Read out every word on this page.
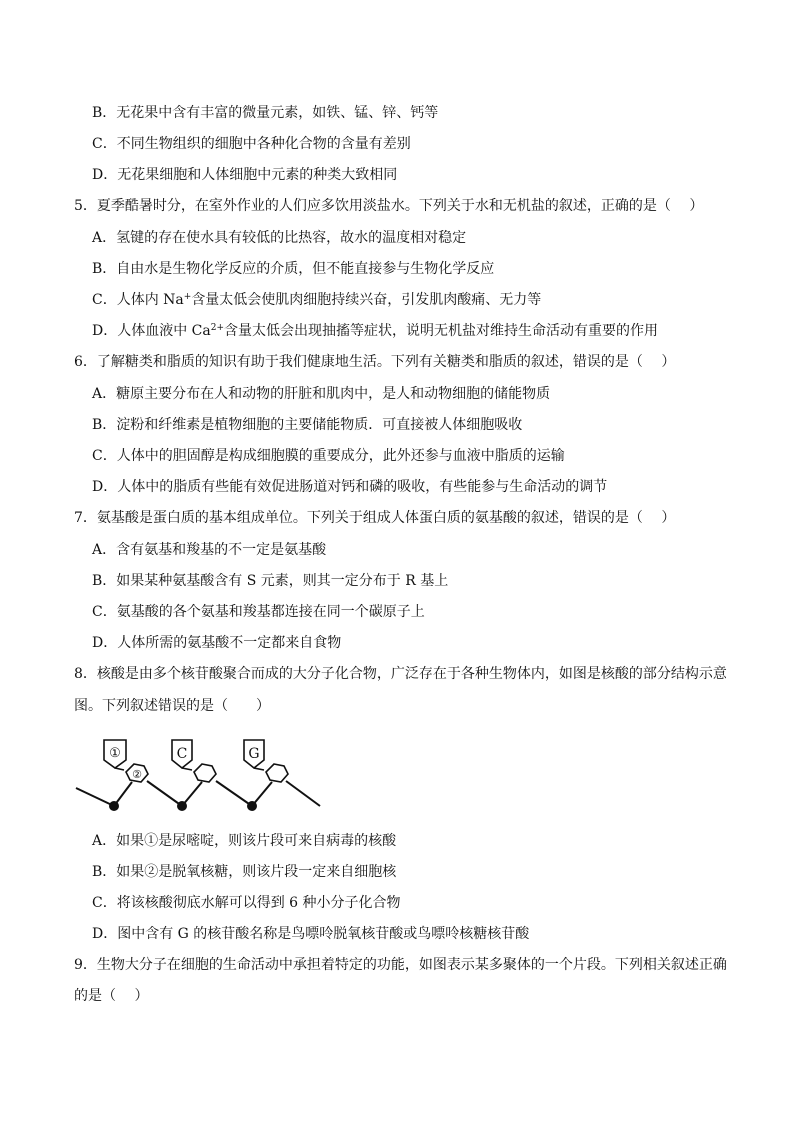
B．无花果中含有丰富的微量元素，如铁、锰、锌、钙等
C．不同生物组织的细胞中各种化合物的含量有差别
D．无花果细胞和人体细胞中元素的种类大致相同
5．夏季酷暑时分，在室外作业的人们应多饮用淡盐水。下列关于水和无机盐的叙述，正确的是（　 ）
A．氢键的存在使水具有较低的比热容，故水的温度相对稳定
B．自由水是生物化学反应的介质，但不能直接参与生物化学反应
C．人体内 Na+含量太低会使肌肉细胞持续兴奋，引发肌肉酸痛、无力等
D．人体血液中 $Ca^{2+}$含量太低会出现抽搐等症状，说明无机盐对维持生命活动有重要的作用
6．了解糖类和脂质的知识有助于我们健康地生活。下列有关糖类和脂质的叙述，错误的是（　 ）
A．糖原主要分布在人和动物的肝脏和肌肉中，是人和动物细胞的储能物质
B．淀粉和纤维素是植物细胞的主要储能物质．可直接被人体细胞吸收
C．人体中的胆固醇是构成细胞膜的重要成分，此外还参与血液中脂质的运输
D．人体中的脂质有些能有效促进肠道对钙和磷的吸收，有些能参与生命活动的调节
7．氨基酸是蛋白质的基本组成单位。下列关于组成人体蛋白质的氨基酸的叙述，错误的是（　 ）
A．含有氨基和羧基的不一定是氨基酸
B．如果某种氨基酸含有 S 元素，则其一定分布于 R 基上
C．氨基酸的各个氨基和羧基都连接在同一个碳原子上
D．人体所需的氨基酸不一定都来自食物
8．核酸是由多个核苷酸聚合而成的大分子化合物，广泛存在于各种生物体内，如图是核酸的部分结构示意
图。下列叙述错误的是（　　）
①
②
C	G
A．如果①是尿嘧啶，则该片段可来自病毒的核酸
B．如果②是脱氧核糖，则该片段一定来自细胞核
C．将该核酸彻底水解可以得到 6 种小分子化合物
D．图中含有 G 的核苷酸名称是鸟嘌呤脱氧核苷酸或鸟嘌呤核糖核苷酸
9．生物大分子在细胞的生命活动中承担着特定的功能，如图表示某多聚体的一个片段。下列相关叙述正确
的是（　 ）
